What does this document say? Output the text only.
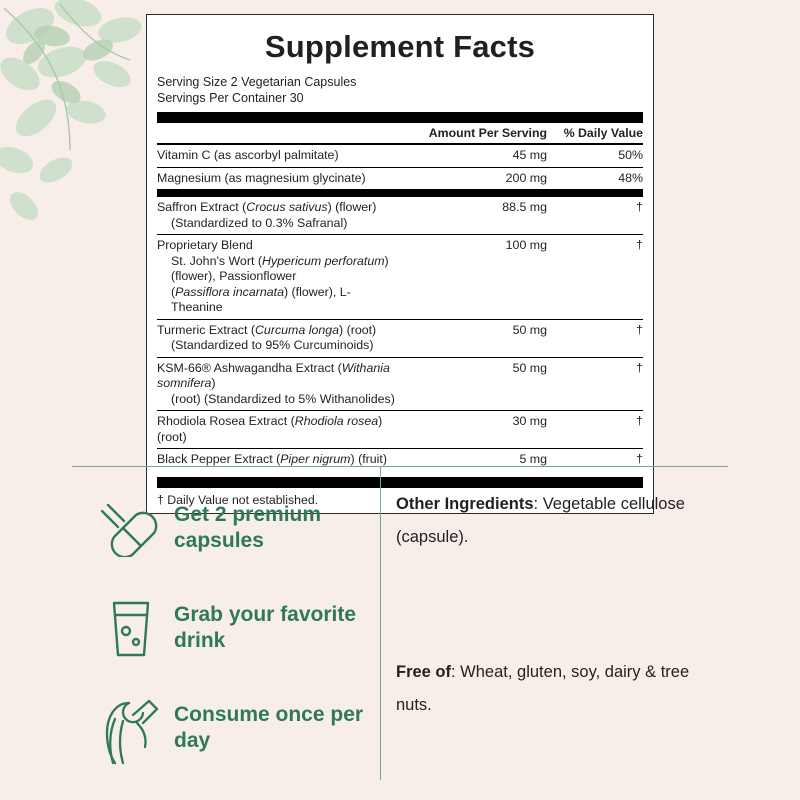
Supplement Facts
Serving Size 2 Vegetarian Capsules
Servings Per Container 30
Amount Per Serving	% Daily Value
Vitamin C (as ascorbyl palmitate)	45 mg	50%
Magnesium (as magnesium glycinate)	200 mg	48%
Saffron Extract (Crocus sativus) (flower)
(Standardized to 0.3% Safranal)	88.5 mg	†
Proprietary Blend
St. John's Wort (Hypericum perforatum) (flower), Passionflower
(Passiflora incarnata) (flower), L-Theanine	100 mg	†
Turmeric Extract (Curcuma longa) (root)
(Standardized to 95% Curcuminoids)	50 mg	†
KSM-66® Ashwagandha Extract (Withania somnifera)
(root) (Standardized to 5% Withanolides)	50 mg	†
Rhodiola Rosea Extract (Rhodiola rosea) (root)	30 mg	†
Black Pepper Extract (Piper nigrum) (fruit)	5 mg	†
† Daily Value not established.
Get 2 premium capsules
Grab your favorite drink
Consume once per day
Other Ingredients: Vegetable cellulose (capsule).
Free of: Wheat, gluten, soy, dairy & tree nuts.
